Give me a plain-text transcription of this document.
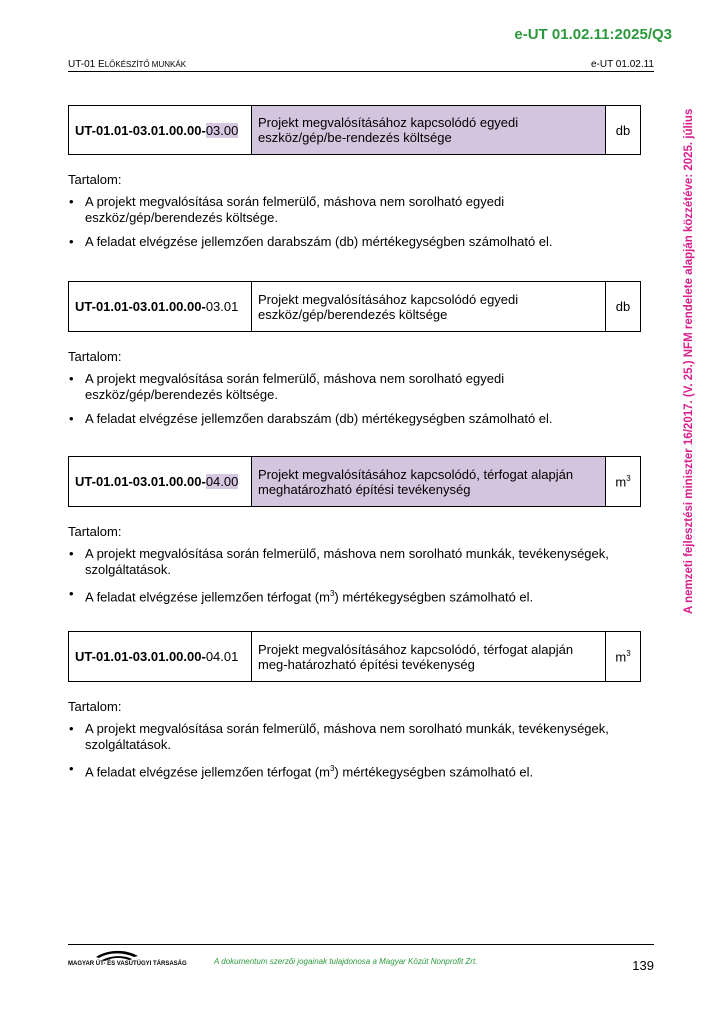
e-UT 01.02.11:2025/Q3
UT-01 ELŐKÉSZÍTŐ MUNKÁK	e-UT 01.02.11
A nemzeti fejlesztési miniszter 16/2017. (V. 25.) NFM rendelete alapján közzétéve: 2025. július
UT-01.01-03.01.00.00-03.00	Projekt megvalósításához kapcsolódó egyedi eszköz/gép/be-rendezés költsége	db
Tartalom:
• A projekt megvalósítása során felmerülő, máshova nem sorolható egyedi eszköz/gép/berendezés költsége.
• A feladat elvégzése jellemzően darabszám (db) mértékegységben számolható el.
UT-01.01-03.01.00.00-03.01	Projekt megvalósításához kapcsolódó egyedi eszköz/gép/berendezés költsége	db
Tartalom:
• A projekt megvalósítása során felmerülő, máshova nem sorolható egyedi eszköz/gép/berendezés költsége.
• A feladat elvégzése jellemzően darabszám (db) mértékegységben számolható el.
UT-01.01-03.01.00.00-04.00	Projekt megvalósításához kapcsolódó, térfogat alapján meghatározható építési tevékenység	$m^3$
Tartalom:
• A projekt megvalósítása során felmerülő, máshova nem sorolható munkák, tevékenységek, szolgáltatások.
• A feladat elvégzése jellemzően térfogat $(m^3)$ mértékegységben számolható el.
UT-01.01-03.01.00.00-04.01	Projekt megvalósításához kapcsolódó, térfogat alapján meg-határozható építési tevékenység	$m^3$
Tartalom:
• A projekt megvalósítása során felmerülő, máshova nem sorolható munkák, tevékenységek, szolgáltatások.
• A feladat elvégzése jellemzően térfogat $(m^3)$ mértékegységben számolható el.
MAGYAR ÚT- ÉS VASÚTÜGYI TÁRSASÁG	A dokumentum szerzői jogainak tulajdonosa a Magyar Közút Nonprofit Zrt.	139
